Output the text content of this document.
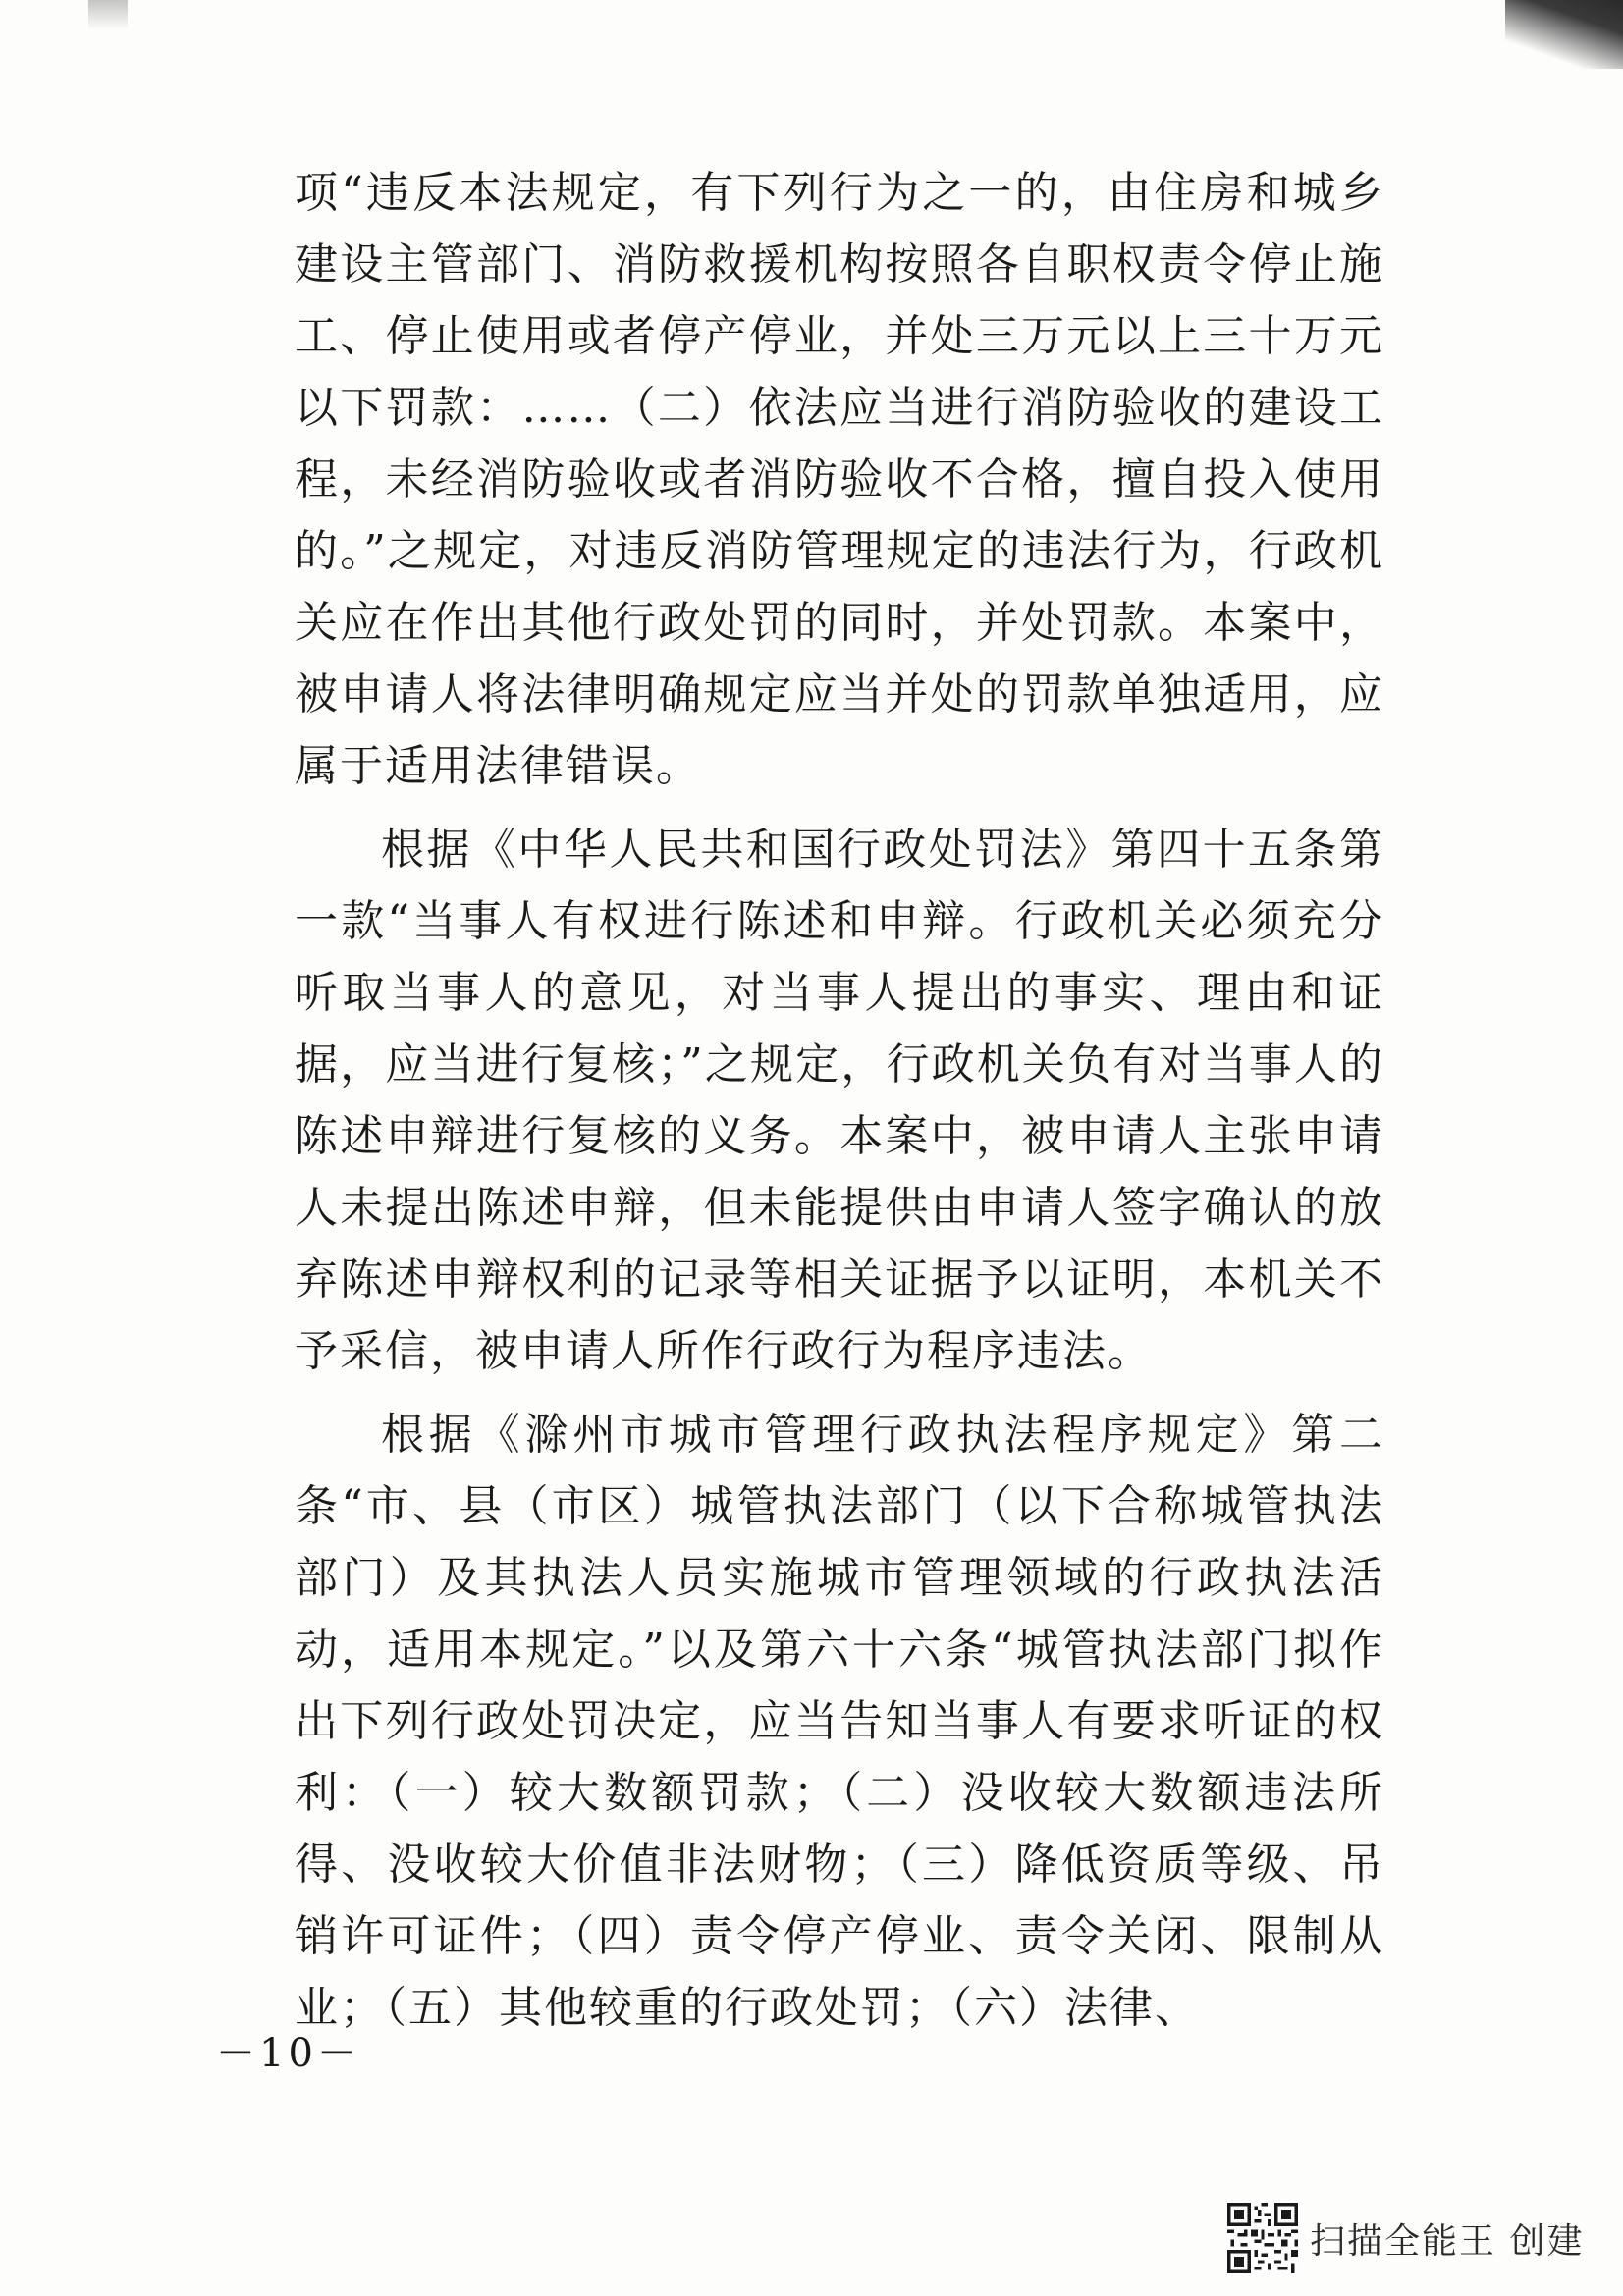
项“违反本法规定，有下列行为之一的，由住房和城乡建设主管部门、消防救援机构按照各自职权责令停止施工、停止使用或者停产停业，并处三万元以上三十万元以下罚款：……（二）依法应当进行消防验收的建设工程，未经消防验收或者消防验收不合格，擅自投入使用的。”之规定，对违反消防管理规定的违法行为，行政机关应在作出其他行政处罚的同时，并处罚款。本案中，被申请人将法律明确规定应当并处的罚款单独适用，应属于适用法律错误。

根据《中华人民共和国行政处罚法》第四十五条第一款“当事人有权进行陈述和申辩。行政机关必须充分听取当事人的意见，对当事人提出的事实、理由和证据，应当进行复核；”之规定，行政机关负有对当事人的陈述申辩进行复核的义务。本案中，被申请人主张申请人未提出陈述申辩，但未能提供由申请人签字确认的放弃陈述申辩权利的记录等相关证据予以证明，本机关不予采信，被申请人所作行政行为程序违法。

根据《滁州市城市管理行政执法程序规定》第二条“市、县（市区）城管执法部门（以下合称城管执法部门）及其执法人员实施城市管理领域的行政执法活动，适用本规定。”以及第六十六条“城管执法部门拟作出下列行政处罚决定，应当告知当事人有要求听证的权利：（一）较大数额罚款；（二）没收较大数额违法所得、没收较大价值非法财物；（三）降低资质等级、吊销许可证件；（四）责令停产停业、责令关闭、限制从业；（五）其他较重的行政处罚；（六）法律、

－10－
扫描全能王 创建
